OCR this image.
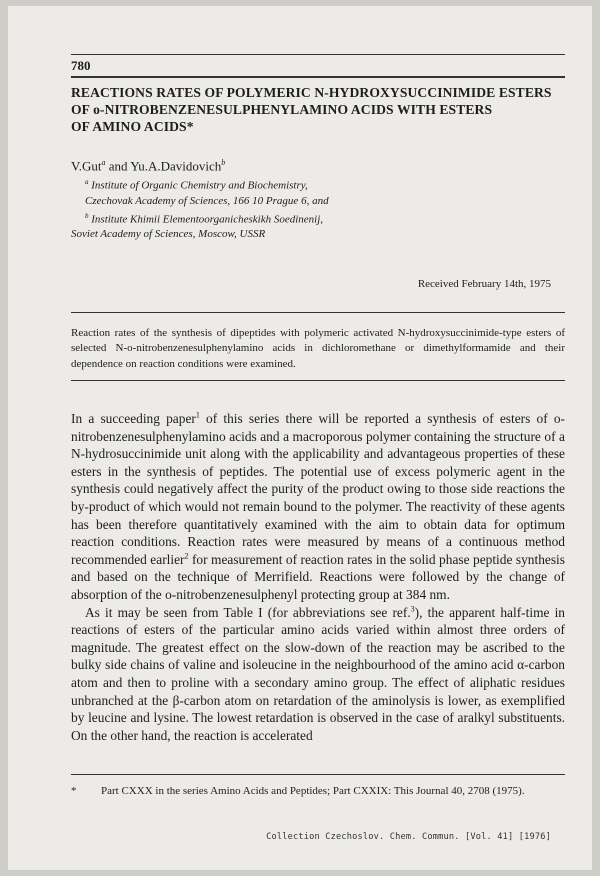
780
REACTIONS RATES OF POLYMERIC N-HYDROXYSUCCINIMIDE ESTERS
OF o-NITROBENZENESULPHENYLAMINO ACIDS WITH ESTERS
OF AMINO ACIDS*
V.Gut$^a$ and Yu.A.Davidovich$^b$
$^a$ Institute of Organic Chemistry and Biochemistry,
Czechovak Academy of Sciences, 166 10 Prague 6, and
$^b$ Institute Khimii Elementoorganicheskikh Soedinenij,
Soviet Academy of Sciences, Moscow, USSR
Received February 14th, 1975
Reaction rates of the synthesis of dipeptides with polymeric activated N-hydroxysuccinimide-type esters of selected N-o-nitrobenzenesulphenylamino acids in dichloromethane or dimethylformamide and their dependence on reaction conditions were examined.

In a succeeding paper$^1$ of this series there will be reported a synthesis of esters of o-nitrobenzenesulphenylamino acids and a macroporous polymer containing the structure of a N-hydrosuccinimide unit along with the applicability and advantageous properties of these esters in the synthesis of peptides. The potential use of excess polymeric agent in the synthesis could negatively affect the purity of the product owing to those side reactions the by-product of which would not remain bound to the polymer. The reactivity of these agents has been therefore quantitatively examined with the aim to obtain data for optimum reaction conditions. Reaction rates were measured by means of a continuous method recommended earlier$^2$ for measurement of reaction rates in the solid phase peptide synthesis and based on the technique of Merrifield. Reactions were followed by the change of absorption of the o-nitrobenzenesulphenyl protecting group at 384 nm.

As it may be seen from Table I (for abbreviations see ref.$^3$), the apparent half-time in reactions of esters of the particular amino acids varied within almost three orders of magnitude. The greatest effect on the slow-down of the reaction may be ascribed to the bulky side chains of valine and isoleucine in the neighbourhood of the amino acid α-carbon atom and then to proline with a secondary amino group. The effect of aliphatic residues unbranched at the β-carbon atom on retardation of the aminolysis is lower, as exemplified by leucine and lysine. The lowest retardation is observed in the case of aralkyl substituents. On the other hand, the reaction is accelerated

* Part CXXX in the series Amino Acids and Peptides; Part CXXIX: This Journal 40, 2708 (1975).
Collection Czechoslov. Chem. Commun. [Vol. 41] [1976]
